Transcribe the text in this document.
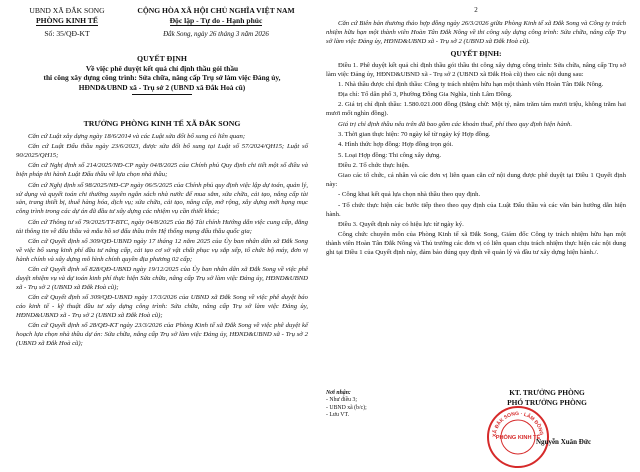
UBND XÃ ĐẮK SONG
PHÒNG KINH TẾ
Số: 35/QĐ-KT
CỘNG HÒA XÃ HỘI CHỦ NGHĨA VIỆT NAM
Độc lập - Tự do - Hạnh phúc
Đắk Song, ngày 26 tháng 3 năm 2026
QUYẾT ĐỊNH
Về việc phê duyệt kết quả chỉ định thầu gói thầu
thi công xây dựng công trình: Sửa chữa, nâng cấp Trụ sở làm việc Đảng ủy,
HĐND&UBND xã - Trụ sở 2 (UBND xã Đắk Hoà cũ)
TRƯỞNG PHÒNG KINH TẾ XÃ ĐẮK SONG

Căn cứ Luật xây dựng ngày 18/6/2014 và các Luật sửa đổi bổ sung có liên quan;

Căn cứ Luật Đấu thầu ngày 23/6/2023, được sửa đổi bổ sung tại Luật số 57/2024/QH15; Luật số 90/2025/QH15;

Căn cứ Nghị định số 214/2025/NĐ-CP ngày 04/8/2025 của Chính phủ Quy định chi tiết một số điều và biện pháp thi hành Luật Đấu thầu về lựa chọn nhà thầu;

Căn cứ Nghị định số 98/2025/NĐ-CP ngày 06/5/2025 của Chính phủ quy định việc lập dự toán, quản lý, sử dụng và quyết toán chi thường xuyên ngân sách nhà nước để mua sắm, sửa chữa, cải tạo, nâng cấp tài sản, trang thiết bị, thuê hàng hóa, dịch vụ; sửa chữa, cải tạo, nâng cấp, mở rộng, xây dựng mới hạng mục công trình trong các dự án đã đầu tư xây dựng các nhiệm vụ cần thiết khác;

Căn cứ Thông tư số 79/2025/TT-BTC, ngày 04/8/2025 của Bộ Tài chính Hướng dẫn việc cung cấp, đăng tải thông tin về đấu thầu và mẫu hồ sơ đấu thầu trên Hệ thống mạng đấu thầu quốc gia;

Căn cứ Quyết định số 309/QĐ-UBND ngày 17 tháng 12 năm 2025 của Ủy ban nhân dân xã Đắk Song về việc bổ sung kinh phí đầu tư nâng cấp, cải tạo cơ sở vật chất phục vụ sắp xếp, tổ chức bộ máy, đơn vị hành chính và xây dựng mô hình chính quyền địa phương 02 cấp;

Căn cứ Quyết định số 828/QĐ-UBND ngày 19/12/2025 của Ủy ban nhân dân xã Đắk Song về việc phê duyệt nhiệm vụ và dự toán kinh phí thực hiện Sửa chữa, nâng cấp Trụ sở làm việc Đảng ủy, HĐND&UBND xã - Trụ sở 2 (UBND xã Đắk Hoà cũ);

Căn cứ Quyết định số 309/QĐ-UBND ngày 17/3/2026 của UBND xã Đắk Song về việc phê duyệt báo cáo kinh tế - kỹ thuật đầu tư xây dựng công trình: Sửa chữa, nâng cấp Trụ sở làm việc Đảng ủy, HĐND&UBND xã - Trụ sở 2 (UBND xã Đắk Hoà cũ);

Căn cứ Quyết định số 28/QĐ-KT ngày 23/3/2026 của Phòng Kinh tế xã Đắk Song về việc phê duyệt kế hoạch lựa chọn nhà thầu dự án: Sửa chữa, nâng cấp Trụ sở làm việc Đảng ủy, HĐND&UBND xã - Trụ sở 2 (UBND xã Đắk Hoà cũ);

2

Căn cứ Biên bản thương thảo hợp đồng ngày 26/3/2026 giữa Phòng Kinh tế xã Đắk Song và Công ty trách nhiệm hữu hạn một thành viên Hoàn Tân Đắk Nông về thi công xây dựng công trình: Sửa chữa, nâng cấp Trụ sở làm việc Đảng ủy, HĐND&UBND xã - Trụ sở 2 (UBND xã Đắk Hoà cũ).

QUYẾT ĐỊNH:

Điều 1. Phê duyệt kết quả chỉ định thầu gói thầu thi công xây dựng công trình: Sửa chữa, nâng cấp Trụ sở làm việc Đảng ủy, HĐND&UBND xã - Trụ sở 2 (UBND xã Đắk Hoà cũ) theo các nội dung sau:

1. Nhà thầu được chỉ định thầu: Công ty trách nhiệm hữu hạn một thành viên Hoàn Tân Đắk Nông.

Địa chỉ: Tổ dân phố 3, Phường Đông Gia Nghĩa, tỉnh Lâm Đồng.

2. Giá trị chỉ định thầu: 1.580.021.000 đồng (Bằng chữ: Một tỷ, năm trăm tám mươi triệu, không trăm hai mươi mốt nghìn đồng).

Giá trị chỉ định thầu nêu trên đã bao gồm các khoản thuế, phí theo quy định hiện hành.

3. Thời gian thực hiện: 70 ngày kể từ ngày ký Hợp đồng.

4. Hình thức hợp đồng: Hợp đồng trọn gói.

5. Loại Hợp đồng: Thi công xây dựng.

Điều 2. Tổ chức thực hiện.

Giao các tổ chức, cá nhân và các đơn vị liên quan căn cứ nội dung được phê duyệt tại Điều 1 Quyết định này:

- Công khai kết quả lựa chọn nhà thầu theo quy định.

- Tổ chức thực hiện các bước tiếp theo theo quy định của Luật Đấu thầu và các văn bản hướng dẫn hiện hành.

Điều 3. Quyết định này có hiệu lực từ ngày ký.

Công chức chuyên môn của Phòng Kinh tế xã Đắk Song, Giám đốc Công ty trách nhiệm hữu hạn một thành viên Hoàn Tân Đắk Nông và Thủ trưởng các đơn vị có liên quan chịu trách nhiệm thực hiện các nội dung ghi tại Điều 1 của Quyết định này, đảm bảo đúng quy định về quản lý và đầu tư xây dựng hiện hành./.

Nơi nhận:
- Như điều 3;
- UBND xã (b/c);
- Lưu VT.
KT. TRƯỞNG PHÒNG
PHÓ TRƯỞNG PHÒNG
XÃ ĐẮK SONG · LÂM ĐỒNG
PHÒNG KINH TẾ
Nguyễn Xuân Đức
